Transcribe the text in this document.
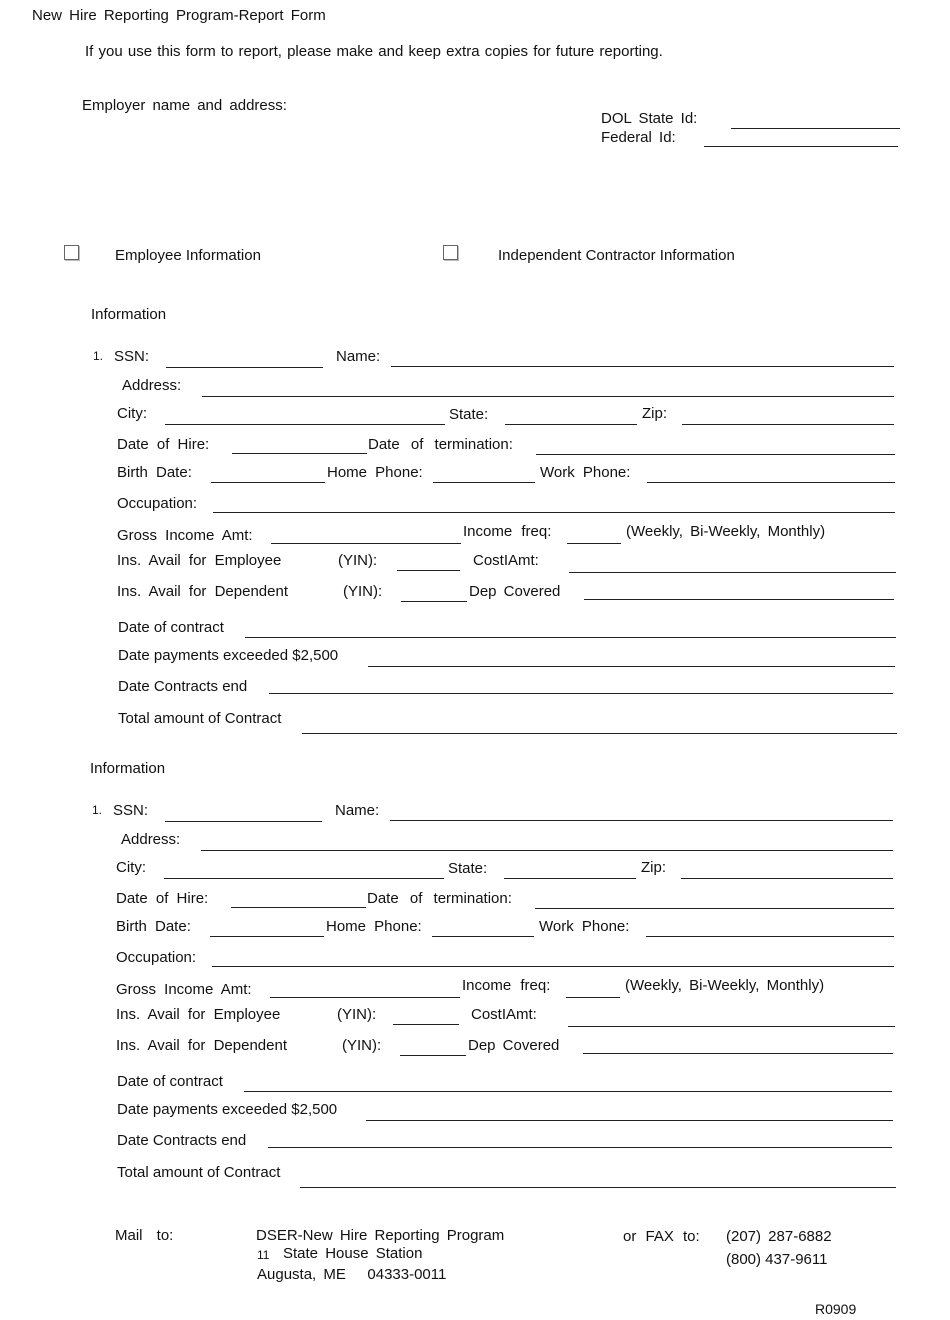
New Hire Reporting Program-Report Form
If you use this form to report, please make and keep extra copies for future reporting.
Employer name and address:
DOL State Id:
Federal Id:
Employee Information	Independent Contractor Information
Information
1. SSN:	Name:
Address:
City:	State:	Zip:
Date of Hire:	Date of termination:
Birth Date:	Home Phone:	Work Phone:
Occupation:
Gross Income Amt:	Income freq:	(Weekly, Bi-Weekly, Monthly)
Ins. Avail for Employee	(YIN):	CostIAmt:
Ins. Avail for Dependent	(YIN):	Dep Covered
Date of contract
Date payments exceeded $2,500
Date Contracts end
Total amount of Contract
Information
1. SSN:	Name:
Address:
City:	State:	Zip:
Date of Hire:	Date of termination:
Birth Date:	Home Phone:	Work Phone:
Occupation:
Gross Income Amt:	Income freq:	(Weekly, Bi-Weekly, Monthly)
Ins. Avail for Employee	(YIN):	CostIAmt:
Ins. Avail for Dependent	(YIN):	Dep Covered
Date of contract
Date payments exceeded $2,500
Date Contracts end
Total amount of Contract
Mail to:	DSER-New Hire Reporting Program
11 State House Station
Augusta, ME   04333-0011
or FAX to: (207) 287-6882
(800) 437-9611
R0909
